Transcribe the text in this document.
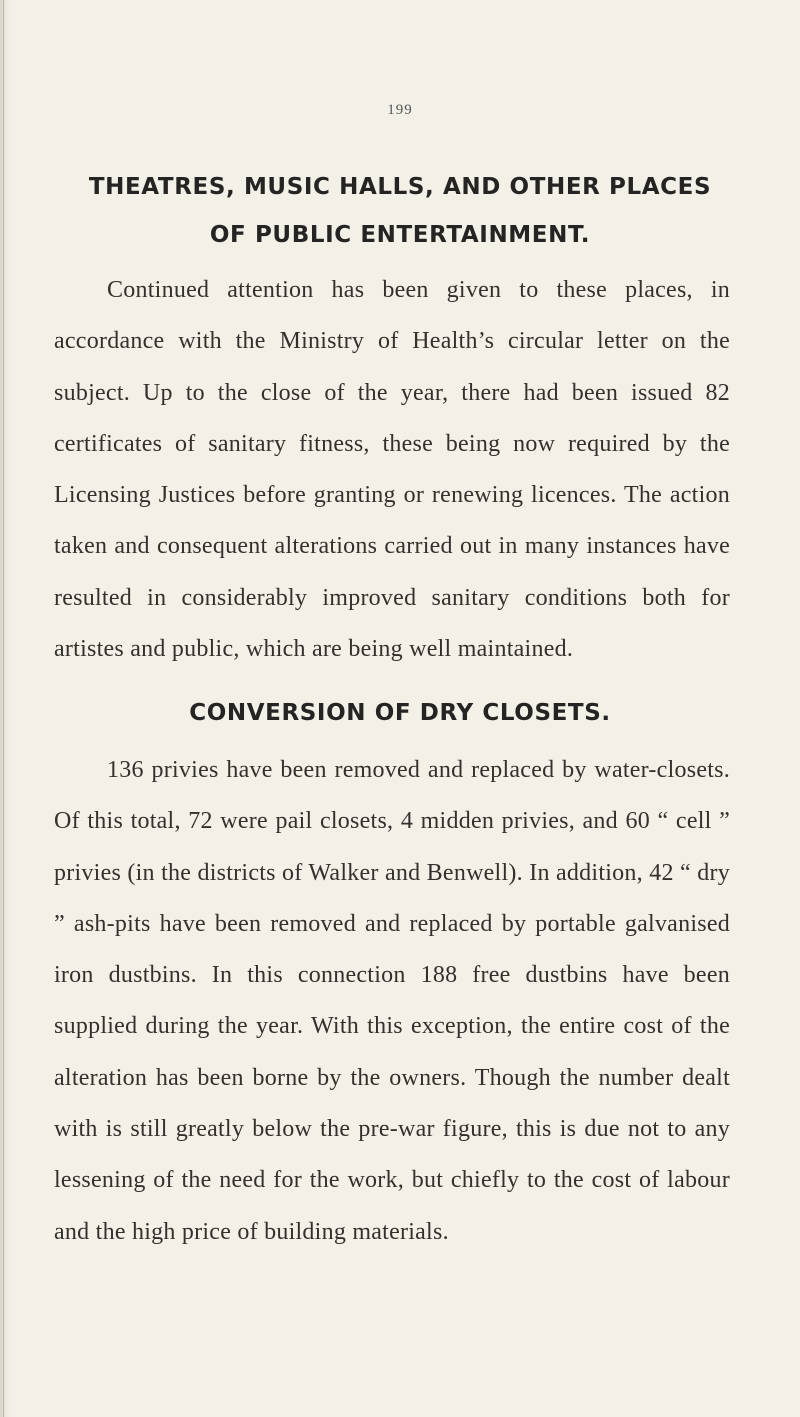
199
THEATRES, MUSIC HALLS, AND OTHER PLACES
OF PUBLIC ENTERTAINMENT.
Continued attention has been given to these places, in accordance with the Ministry of Health’s circular letter on the subject. Up to the close of the year, there had been issued 82 certificates of sanitary fitness, these being now required by the Licensing Justices before granting or renewing licences. The action taken and consequent alterations carried out in many instances have resulted in considerably improved sanitary conditions both for artistes and public, which are being well maintained.
CONVERSION OF DRY CLOSETS.
136 privies have been removed and replaced by water-closets. Of this total, 72 were pail closets, 4 midden privies, and 60 “ cell ” privies (in the districts of Walker and Benwell). In addition, 42 “ dry ” ash-pits have been removed and replaced by portable galvanised iron dustbins. In this connection 188 free dustbins have been supplied during the year. With this exception, the entire cost of the alteration has been borne by the owners. Though the number dealt with is still greatly below the pre-war figure, this is due not to any lessening of the need for the work, but chiefly to the cost of labour and the high price of building materials.
